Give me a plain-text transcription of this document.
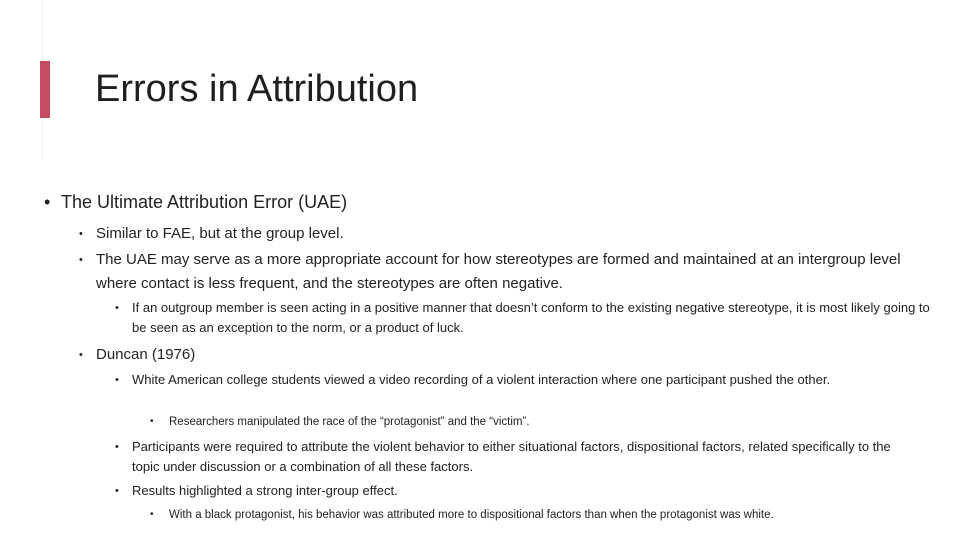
Errors in Attribution
• The Ultimate Attribution Error (UAE)
• Similar to FAE, but at the group level.
• The UAE may serve as a more appropriate account for how stereotypes are formed and maintained at an intergroup level where contact is less frequent, and the stereotypes are often negative.
•	If an outgroup member is seen acting in a positive manner that doesn’t conform to the existing negative stereotype, it is most likely going to be seen as an exception to the norm, or a product of luck.
• Duncan (1976)
•	White American college students viewed a video recording of a violent interaction where one participant pushed the other.
•	Researchers manipulated the race of the “protagonist” and the “victim”.
•	Participants were required to attribute the violent behavior to either situational factors, dispositional factors, related specifically to the topic under discussion or a combination of all these factors.
•	Results highlighted a strong inter-group effect.
•	With a black protagonist, his behavior was attributed more to dispositional factors than when the protagonist was white.
